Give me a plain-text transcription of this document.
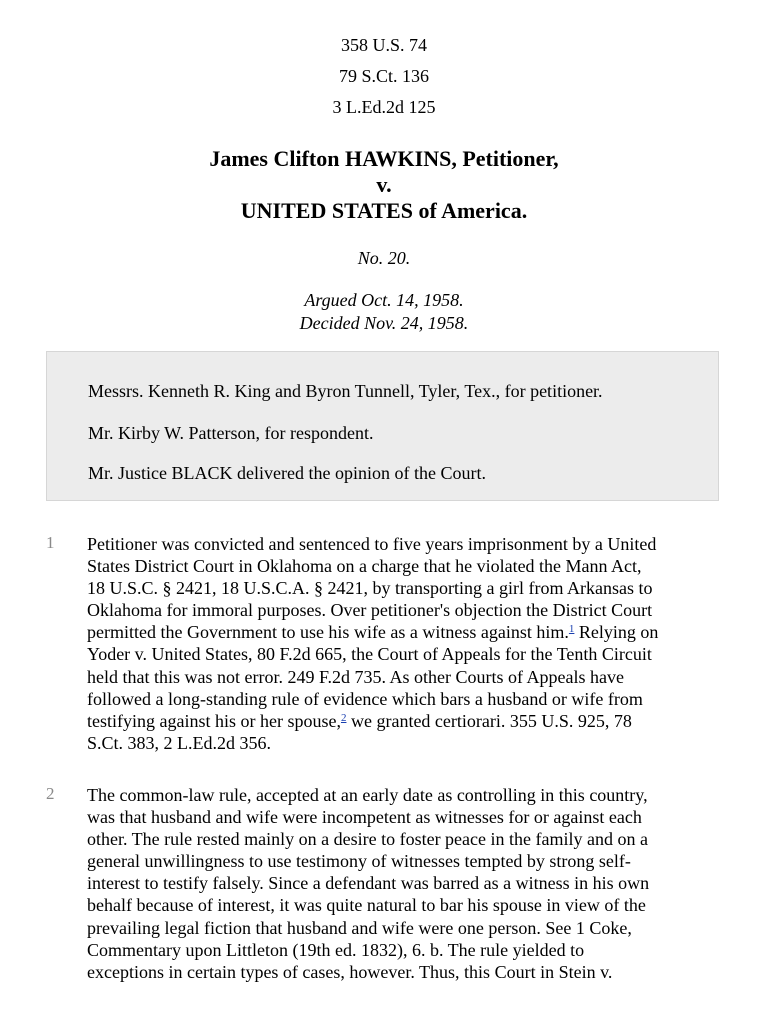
358 U.S. 74
79 S.Ct. 136
3 L.Ed.2d 125
James Clifton HAWKINS, Petitioner,
v.
UNITED STATES of America.
No. 20.
Argued Oct. 14, 1958.
Decided Nov. 24, 1958.

Messrs. Kenneth R. King and Byron Tunnell, Tyler, Tex., for petitioner.

Mr. Kirby W. Patterson, for respondent.

Mr. Justice BLACK delivered the opinion of the Court.

1 Petitioner was convicted and sentenced to five years imprisonment by a United
States District Court in Oklahoma on a charge that he violated the Mann Act,
18 U.S.C. § 2421, 18 U.S.C.A. § 2421, by transporting a girl from Arkansas to
Oklahoma for immoral purposes. Over petitioner's objection the District Court
permitted the Government to use his wife as a witness against him.$^1$ Relying on
Yoder v. United States, 80 F.2d 665, the Court of Appeals for the Tenth Circuit
held that this was not error. 249 F.2d 735. As other Courts of Appeals have
followed a long-standing rule of evidence which bars a husband or wife from
testifying against his or her spouse,$^2$ we granted certiorari. 355 U.S. 925, 78
S.Ct. 383, 2 L.Ed.2d 356.
2 The common-law rule, accepted at an early date as controlling in this country,
was that husband and wife were incompetent as witnesses for or against each
other. The rule rested mainly on a desire to foster peace in the family and on a
general unwillingness to use testimony of witnesses tempted by strong self-
interest to testify falsely. Since a defendant was barred as a witness in his own
behalf because of interest, it was quite natural to bar his spouse in view of the
prevailing legal fiction that husband and wife were one person. See 1 Coke,
Commentary upon Littleton (19th ed. 1832), 6. b. The rule yielded to
exceptions in certain types of cases, however. Thus, this Court in Stein v.
